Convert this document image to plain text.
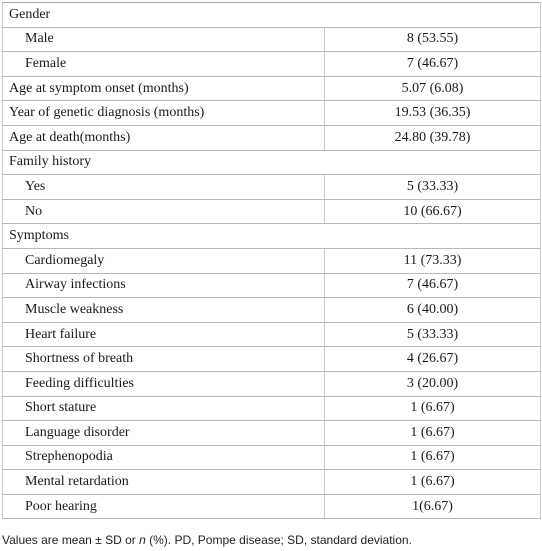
Gender	
Male	8 (53.55)
Female	7 (46.67)
Age at symptom onset (months)	5.07 (6.08)
Year of genetic diagnosis (months)	19.53 (36.35)
Age at death(months)	24.80 (39.78)
Family history	
Yes	5 (33.33)
No	10 (66.67)
Symptoms	
Cardiomegaly	11 (73.33)
Airway infections	7 (46.67)
Muscle weakness	6 (40.00)
Heart failure	5 (33.33)
Shortness of breath	4 (26.67)
Feeding difficulties	3 (20.00)
Short stature	1 (6.67)
Language disorder	1 (6.67)
Strephenopodia	1 (6.67)
Mental retardation	1 (6.67)
Poor hearing	1(6.67)
Values are mean ± SD or n (%). PD, Pompe disease; SD, standard deviation.
